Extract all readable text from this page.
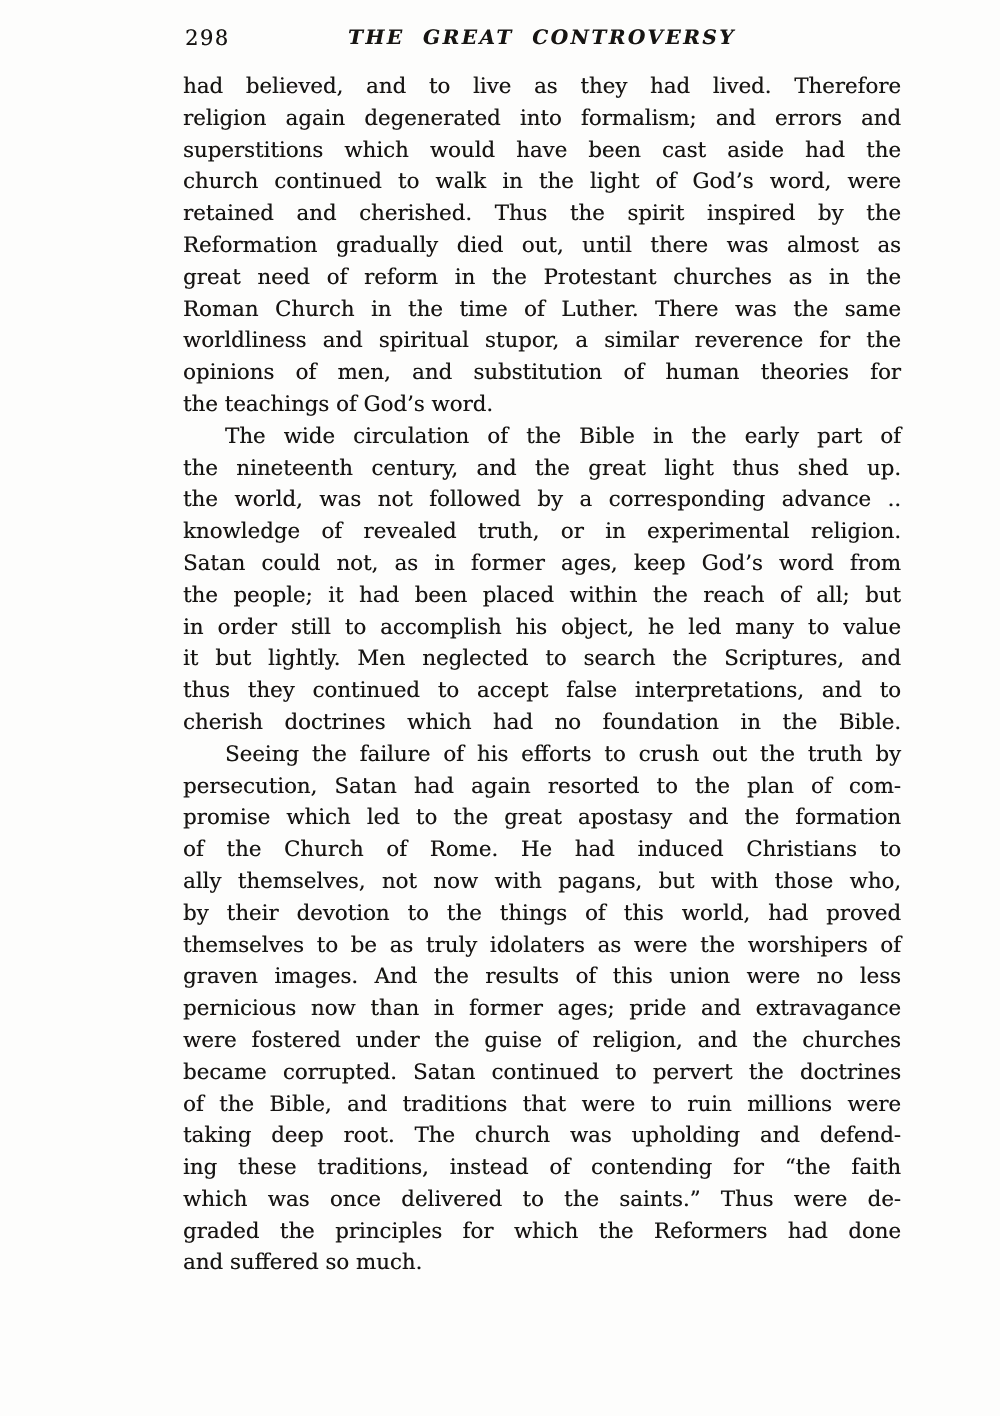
298	THE GREAT CONTROVERSY
had believed, and to live as they had lived. Therefore
religion again degenerated into formalism; and errors and
superstitions which would have been cast aside had the
church continued to walk in the light of God’s word, were
retained and cherished. Thus the spirit inspired by the
Reformation gradually died out, until there was almost as
great need of reform in the Protestant churches as in the
Roman Church in the time of Luther. There was the same
worldliness and spiritual stupor, a similar reverence for the
opinions of men, and substitution of human theories for
the teachings of God’s word.
The wide circulation of the Bible in the early part of
the nineteenth century, and the great light thus shed up.
the world, was not followed by a corresponding advance ..
knowledge of revealed truth, or in experimental religion.
Satan could not, as in former ages, keep God’s word from
the people; it had been placed within the reach of all; but
in order still to accomplish his object, he led many to value
it but lightly. Men neglected to search the Scriptures, and
thus they continued to accept false interpretations, and to
cherish doctrines which had no foundation in the Bible.
Seeing the failure of his efforts to crush out the truth by
persecution, Satan had again resorted to the plan of com-
promise which led to the great apostasy and the formation
of the Church of Rome. He had induced Christians to
ally themselves, not now with pagans, but with those who,
by their devotion to the things of this world, had proved
themselves to be as truly idolaters as were the worshipers of
graven images. And the results of this union were no less
pernicious now than in former ages; pride and extravagance
were fostered under the guise of religion, and the churches
became corrupted. Satan continued to pervert the doctrines
of the Bible, and traditions that were to ruin millions were
taking deep root. The church was upholding and defend-
ing these traditions, instead of contending for “the faith
which was once delivered to the saints.” Thus were de-
graded the principles for which the Reformers had done
and suffered so much.
